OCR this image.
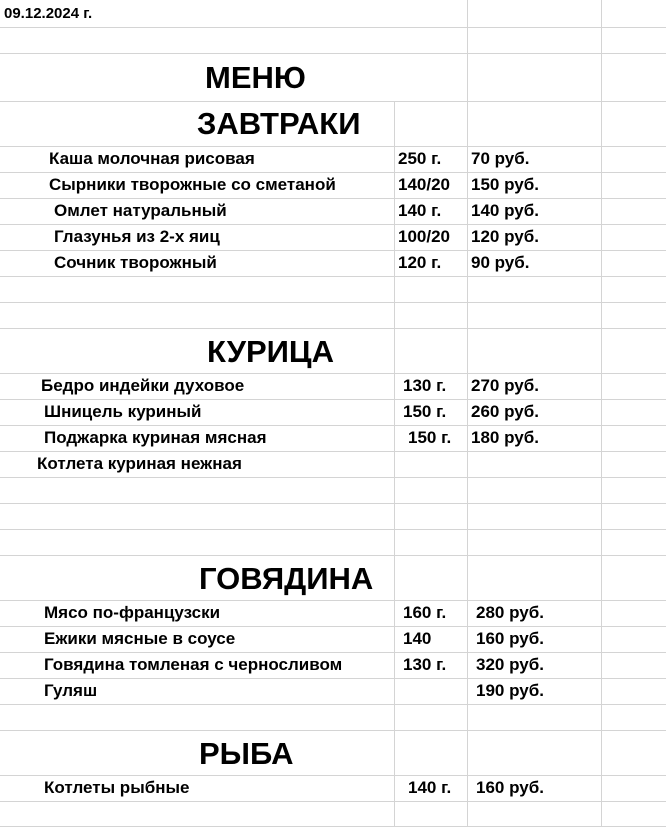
09.12.2024 г.
МЕНЮ
ЗАВТРАКИ
Каша молочная рисовая	250 г. 70 руб.
Сырники творожные со сметаной	140/20 150 руб.
Омлет натуральный	140 г. 140 руб.
Глазунья из 2-х яиц	100/20 120 руб.
Сочник творожный	120 г. 90 руб.
КУРИЦА
Бедро индейки духовое	130 г. 270 руб.
Шницель куриный	150 г. 260 руб.
Поджарка куриная мясная	150 г. 180 руб.
Котлета куриная нежная
ГОВЯДИНА
Мясо по-французски	160 г. 280 руб.
Ежики мясные в соусе	140	160 руб.
Говядина томленая с черносливом	130 г. 320 руб.
Гуляш	190 руб.
РЫБА
Котлеты рыбные	140 г. 160 руб.
